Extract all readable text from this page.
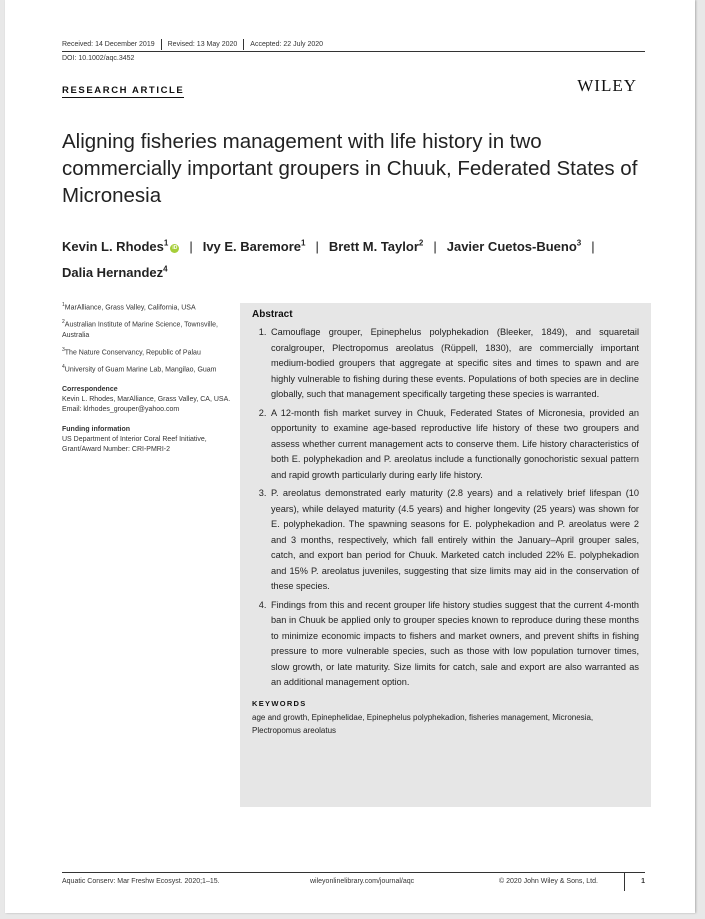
Received: 14 December 2019	Revised: 13 May 2020	Accepted: 22 July 2020
DOI: 10.1002/aqc.3452
RESEARCH ARTICLE	WILEY
Aligning fisheries management with life history in two commercially important groupers in Chuuk, Federated States of Micronesia
Kevin L. Rhodes$^1$iD | Ivy E. Baremore$^1$ | Brett M. Taylor$^2$ | Javier Cuetos-Bueno$^3$ |
Dalia Hernandez$^4$

$^1$MarAlliance, Grass Valley, California, USA

$^2$Australian Institute of Marine Science, Townsville, Australia

$^3$The Nature Conservancy, Republic of Palau

$^4$University of Guam Marine Lab, Mangilao, Guam

Correspondence

Kevin L. Rhodes, MarAlliance, Grass Valley, CA, USA.

Email: klrhodes_grouper@yahoo.com

Funding information

US Department of Interior Coral Reef Initiative, Grant/Award Number: CRI-PMRI-2

Abstract

1. Camouflage grouper, Epinephelus polyphekadion (Bleeker, 1849), and squaretail coralgrouper, Plectropomus areolatus (Rüppell, 1830), are commercially important medium-bodied groupers that aggregate at specific sites and times to spawn and are highly vulnerable to fishing during these events. Populations of both species are in decline globally, such that management specifically targeting these species is warranted.
2. A 12-month fish market survey in Chuuk, Federated States of Micronesia, provided an opportunity to examine age-based reproductive life history of these two groupers and assess whether current management acts to conserve them. Life history characteristics of both E. polyphekadion and P. areolatus include a functionally gonochoristic sexual pattern and rapid growth particularly during early life history.
3. P. areolatus demonstrated early maturity (2.8 years) and a relatively brief lifespan (10 years), while delayed maturity (4.5 years) and higher longevity (25 years) was shown for E. polyphekadion. The spawning seasons for E. polyphekadion and P. areolatus were 2 and 3 months, respectively, which fall entirely within the January–April grouper sales, catch, and export ban period for Chuuk. Marketed catch included 22% E. polyphekadion and 15% P. areolatus juveniles, suggesting that size limits may aid in the conservation of these species.
4. Findings from this and recent grouper life history studies suggest that the current 4-month ban in Chuuk be applied only to grouper species known to reproduce during these months to minimize economic impacts to fishers and market owners, and prevent shifts in fishing pressure to more vulnerable species, such as those with low population turnover times, slow growth, or late maturity. Size limits for catch, sale and export are also warranted as an additional management option.
KEYWORDS
age and growth, Epinephelidae, Epinephelus polyphekadion, fisheries management, Micronesia, Plectropomus areolatus
Aquatic Conserv: Mar Freshw Ecosyst. 2020;1–15.	wileyonlinelibrary.com/journal/aqc	© 2020 John Wiley & Sons, Ltd.	1
